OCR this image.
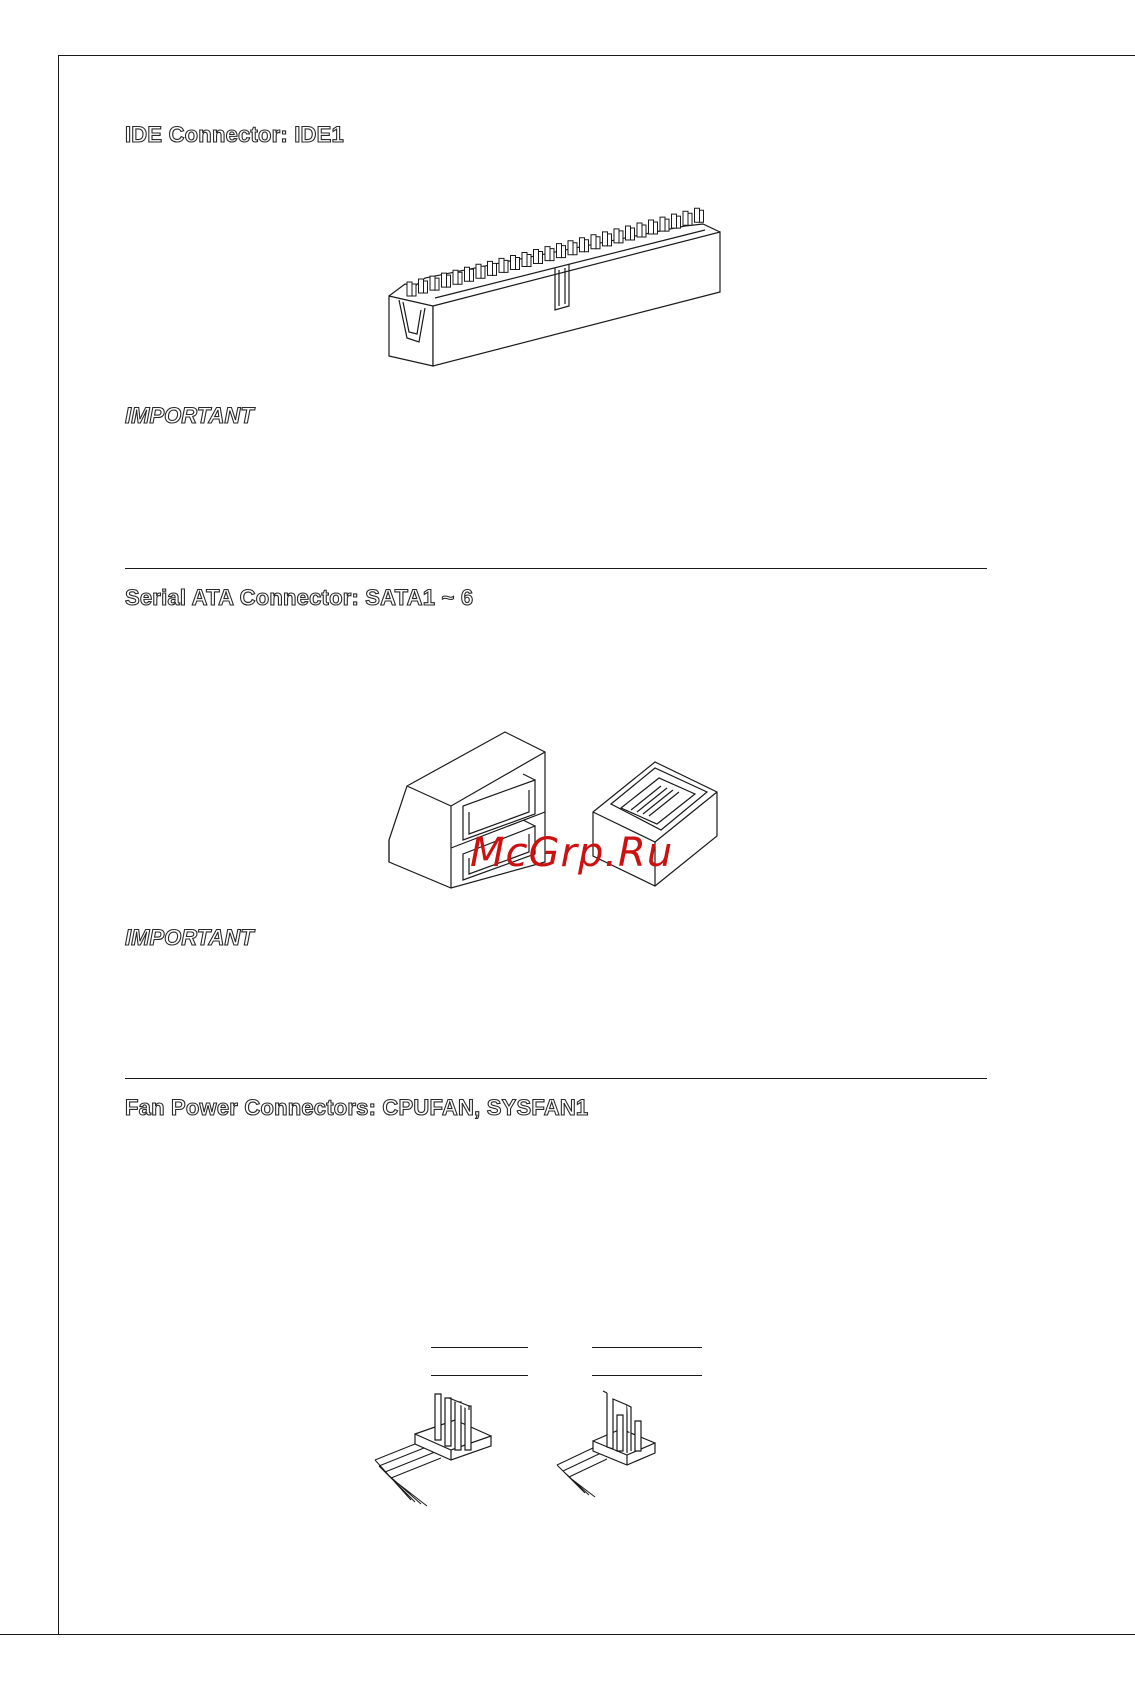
IDE Connector: IDE1
IMPORTANT
Serial ATA Connector: SATA1 ~ 6
McGrp.Ru
IMPORTANT
Fan Power Connectors: CPUFAN, SYSFAN1
